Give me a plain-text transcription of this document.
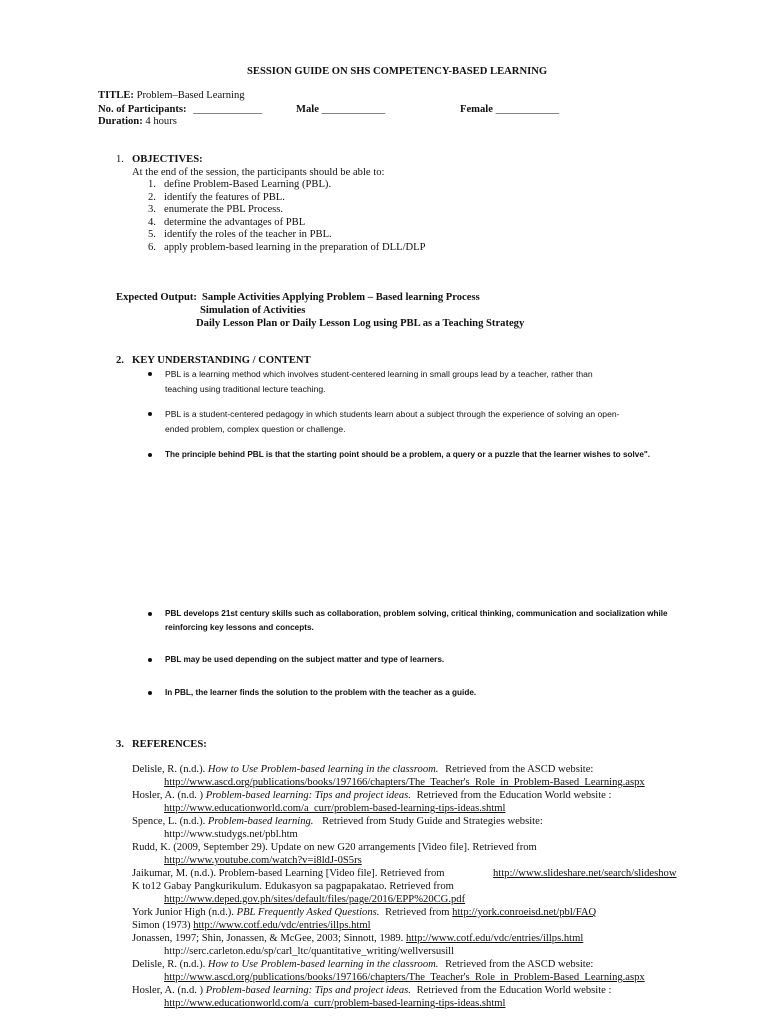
SESSION GUIDE ON SHS COMPETENCY-BASED LEARNING
TITLE: Problem–Based Learning
No. of Participants: _____________	Male ____________	Female ____________
Duration: 4 hours
1. OBJECTIVES:
At the end of the session, the participants should be able to:
1. define Problem-Based Learning (PBL).
2. identify the features of PBL.
3. enumerate the PBL Process.
4. determine the advantages of PBL
5. identify the roles of the teacher in PBL.
6. apply problem-based learning in the preparation of DLL/DLP
Expected Output: Sample Activities Applying Problem – Based learning Process
Simulation of Activities
Daily Lesson Plan or Daily Lesson Log using PBL as a Teaching Strategy
2. KEY UNDERSTANDING / CONTENT
PBL is a learning method which involves student-centered learning in small groups lead by a teacher, rather than
teaching using traditional lecture teaching.
PBL is a student-centered pedagogy in which students learn about a subject through the experience of solving an open-
ended problem, complex question or challenge.
The principle behind PBL is that the starting point should be a problem, a query or a puzzle that the learner wishes to solve".
PBL develops 21st century skills such as collaboration, problem solving, critical thinking, communication and socialization while
reinforcing key lessons and concepts.
PBL may be used depending on the subject matter and type of learners.
In PBL, the learner finds the solution to the problem with the teacher as a guide.
3. REFERENCES:
Delisle, R. (n.d.). How to Use Problem-based learning in the classroom. Retrieved from the ASCD website:
http://www.ascd.org/publications/books/197166/chapters/The_Teacher's_Role_in_Problem-Based_Learning.aspx
Hosler, A. (n.d. ) Problem-based learning: Tips and project ideas. Retrieved from the Education World website :
http://www.educationworld.com/a_curr/problem-based-learning-tips-ideas.shtml
Spence, L. (n.d.). Problem-based learning. Retrieved from Study Guide and Strategies website:
http://www.studygs.net/pbl.htm
Rudd, K. (2009, September 29). Update on new G20 arrangements [Video file]. Retrieved from
http://www.youtube.com/watch?v=i8ldJ-0S5rs
Jaikumar, M. (n.d.). Problem-based Learning [Video file]. Retrieved from	http://www.slideshare.net/search/slideshow
K to12 Gabay Pangkurikulum. Edukasyon sa pagpapakatao. Retrieved from
http://www.deped.gov.ph/sites/default/files/page/2016/EPP%20CG.pdf
York Junior High (n.d.). PBL Frequently Asked Questions. Retrieved from http://york.conroeisd.net/pbl/FAQ
Simon (1973) http://www.cotf.edu/vdc/entries/illps.html
Jonassen, 1997; Shin, Jonassen, & McGee, 2003; Sinnott, 1989. http://www.cotf.edu/vdc/entries/illps.html
http://serc.carleton.edu/sp/carl_ltc/quantitative_writing/wellversusill
Delisle, R. (n.d.). How to Use Problem-based learning in the classroom. Retrieved from the ASCD website:
http://www.ascd.org/publications/books/197166/chapters/The_Teacher's_Role_in_Problem-Based_Learning.aspx
Hosler, A. (n.d. ) Problem-based learning: Tips and project ideas. Retrieved from the Education World website :
http://www.educationworld.com/a_curr/problem-based-learning-tips-ideas.shtml
